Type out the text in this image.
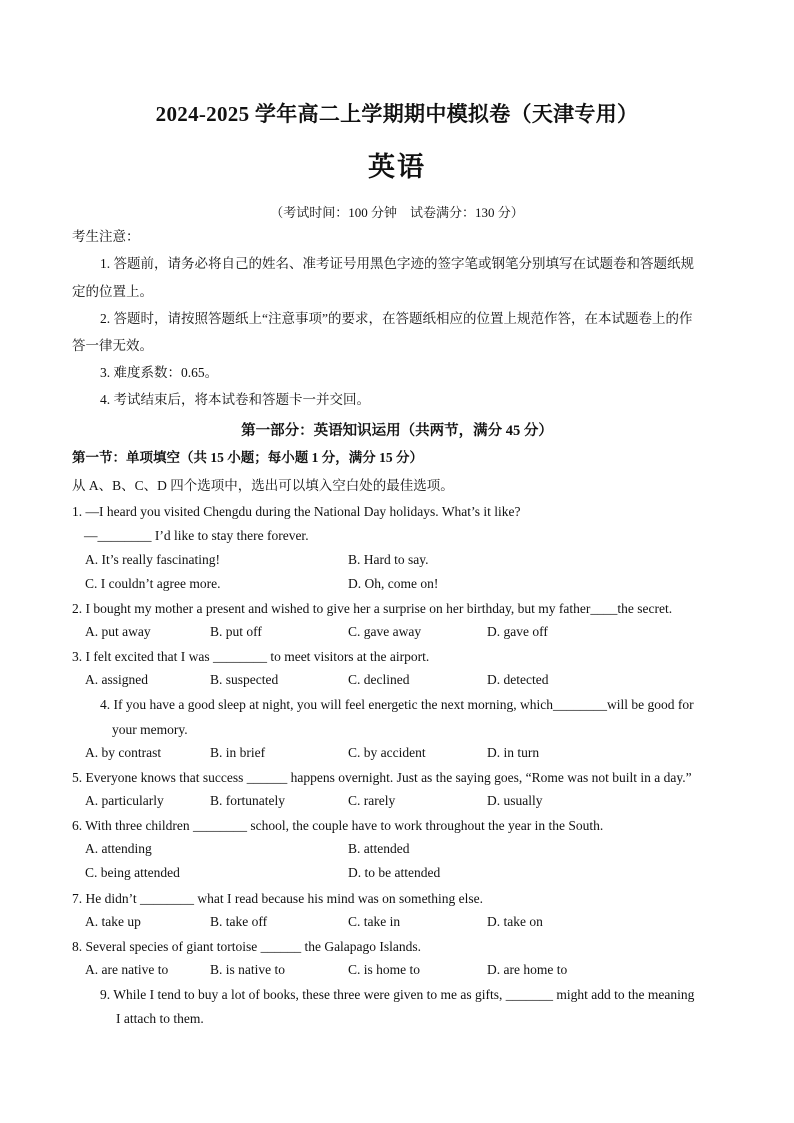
2024-2025 学年高二上学期期中模拟卷（天津专用）
英语
（考试时间：100 分钟　试卷满分：130 分）
考生注意：
1. 答题前，请务必将自己的姓名、准考证号用黑色字迹的签字笔或钢笔分别填写在试题卷和答题纸规
定的位置上。
2. 答题时，请按照答题纸上“注意事项”的要求，在答题纸相应的位置上规范作答，在本试题卷上的作
答一律无效。
3. 难度系数：0.65。
4. 考试结束后，将本试卷和答题卡一并交回。
第一部分：英语知识运用（共两节，满分 45 分）
第一节：单项填空（共 15 小题；每小题 1 分，满分 15 分）
从 A、B、C、D 四个选项中，选出可以填入空白处的最佳选项。
1. —I heard you visited Chengdu during the National Day holidays. What’s it like?
—________ I’d like to stay there forever.
A. It’s really fascinating!	B. Hard to say.
C. I couldn’t agree more.	D. Oh, come on!
2. I bought my mother a present and wished to give her a surprise on her birthday, but my father____the secret.
A. put away	B. put off	C. gave away	D. gave off
3. I felt excited that I was ________ to meet visitors at the airport.
A. assigned	B. suspected	C. declined	D. detected
4. If you have a good sleep at night, you will feel energetic the next morning, which________will be good for
your memory.
A. by contrast	B. in brief	C. by accident	D. in turn
5. Everyone knows that success ______ happens overnight. Just as the saying goes, “Rome was not built in a day.”
A. particularly	B. fortunately	C. rarely	D. usually
6. With three children ________ school, the couple have to work throughout the year in the South.
A. attending	B. attended
C. being attended	D. to be attended
7. He didn’t ________ what I read because his mind was on something else.
A. take up	B. take off	C. take in	D. take on
8. Several species of giant tortoise ______ the Galapago Islands.
A. are native to	B. is native to	C. is home to	D. are home to
9. While I tend to buy a lot of books, these three were given to me as gifts, _______ might add to the meaning
I attach to them.
